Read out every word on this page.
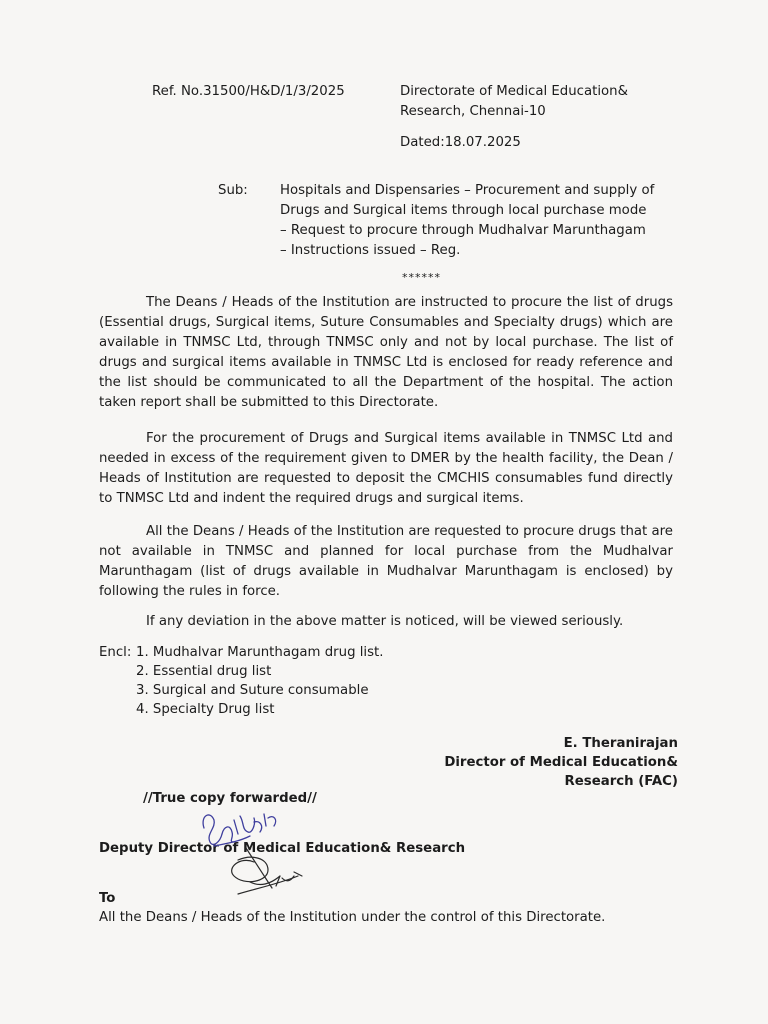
Ref. No.31500/H&D/1/3/2025	Directorate of Medical Education&
Research, Chennai-10
Dated:18.07.2025
Sub: Hospitals and Dispensaries – Procurement and supply of
Drugs and Surgical items through local purchase mode
– Request to procure through Mudhalvar Marunthagam
– Instructions issued – Reg.
******
The Deans / Heads of the Institution are instructed to procure the list of drugs (Essential drugs, Surgical items, Suture Consumables and Specialty drugs) which are available in TNMSC Ltd, through TNMSC only and not by local purchase. The list of drugs and surgical items available in TNMSC Ltd is enclosed for ready reference and the list should be communicated to all the Department of the hospital. The action taken report shall be submitted to this Directorate.
For the procurement of Drugs and Surgical items available in TNMSC Ltd and needed in excess of the requirement given to DMER by the health facility, the Dean / Heads of Institution are requested to deposit the CMCHIS consumables fund directly to TNMSC Ltd and indent the required drugs and surgical items.
All the Deans / Heads of the Institution are requested to procure drugs that are not available in TNMSC and planned for local purchase from the Mudhalvar Marunthagam (list of drugs available in Mudhalvar Marunthagam is enclosed) by following the rules in force.
If any deviation in the above matter is noticed, will be viewed seriously.
Encl: 1. Mudhalvar Marunthagam drug list.
2. Essential drug list
3. Surgical and Suture consumable
4. Specialty Drug list
E. Theranirajan
Director of Medical Education&
Research (FAC)
//True copy forwarded//
Deputy Director of Medical Education& Research
To
All the Deans / Heads of the Institution under the control of this Directorate.
